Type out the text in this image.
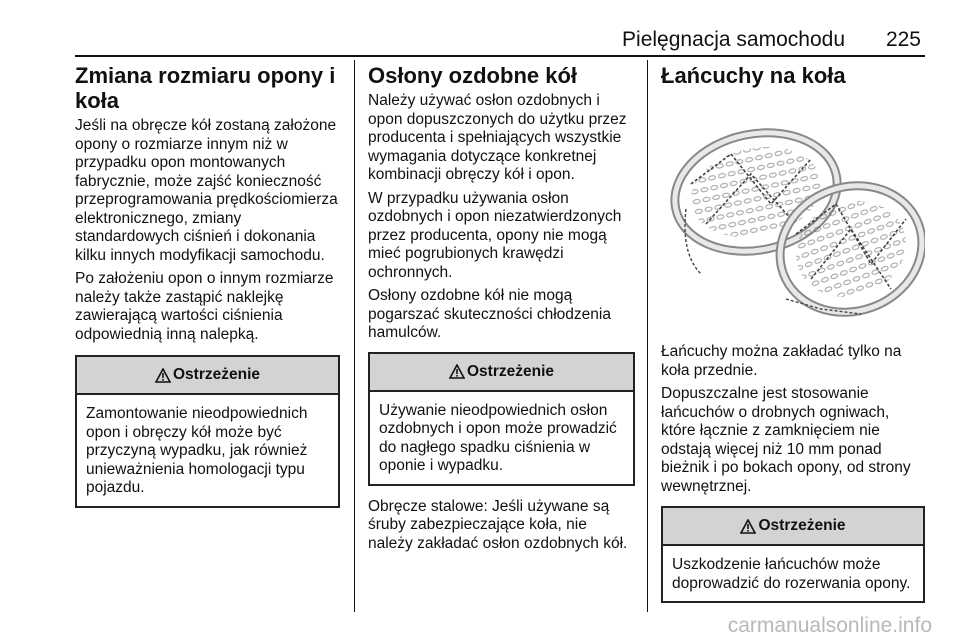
Pielęgnacja samochodu 225
Zmiana rozmiaru opony i koła

Jeśli na obręcze kół zostaną założone opony o rozmiarze innym niż w przypadku opon montowanych fabrycznie, może zajść konieczność przeprogramowania prędkościomierza elektronicznego, zmiany standardowych ciśnień i dokonania kilku innych modyfikacji samochodu.

Po założeniu opon o innym rozmiarze należy także zastąpić naklejkę zawierającą wartości ciśnienia odpowiednią inną nalepką.

Ostrzeżenie
Zamontowanie nieodpowiednich opon i obręczy kół może być przyczyną wypadku, jak również unieważnienia homologacji typu pojazdu.
Osłony ozdobne kół

Należy używać osłon ozdobnych i opon dopuszczonych do użytku przez producenta i spełniających wszystkie wymagania dotyczące konkretnej kombinacji obręczy kół i opon.

W przypadku używania osłon ozdobnych i opon niezatwierdzonych przez producenta, opony nie mogą mieć pogrubionych krawędzi ochronnych.

Osłony ozdobne kół nie mogą pogarszać skuteczności chłodzenia hamulców.

Ostrzeżenie
Używanie nieodpowiednich osłon ozdobnych i opon może prowadzić do nagłego spadku ciśnienia w oponie i wypadku.

Obręcze stalowe: Jeśli używane są śruby zabezpieczające koła, nie należy zakładać osłon ozdobnych kół.

Łańcuchy na koła

Łańcuchy można zakładać tylko na koła przednie.

Dopuszczalne jest stosowanie łańcuchów o drobnych ogniwach, które łącznie z zamknięciem nie odstają więcej niż 10 mm ponad bieżnik i po bokach opony, od strony wewnętrznej.

Ostrzeżenie
Uszkodzenie łańcuchów może doprowadzić do rozerwania opony.
carmanualsonline.info
